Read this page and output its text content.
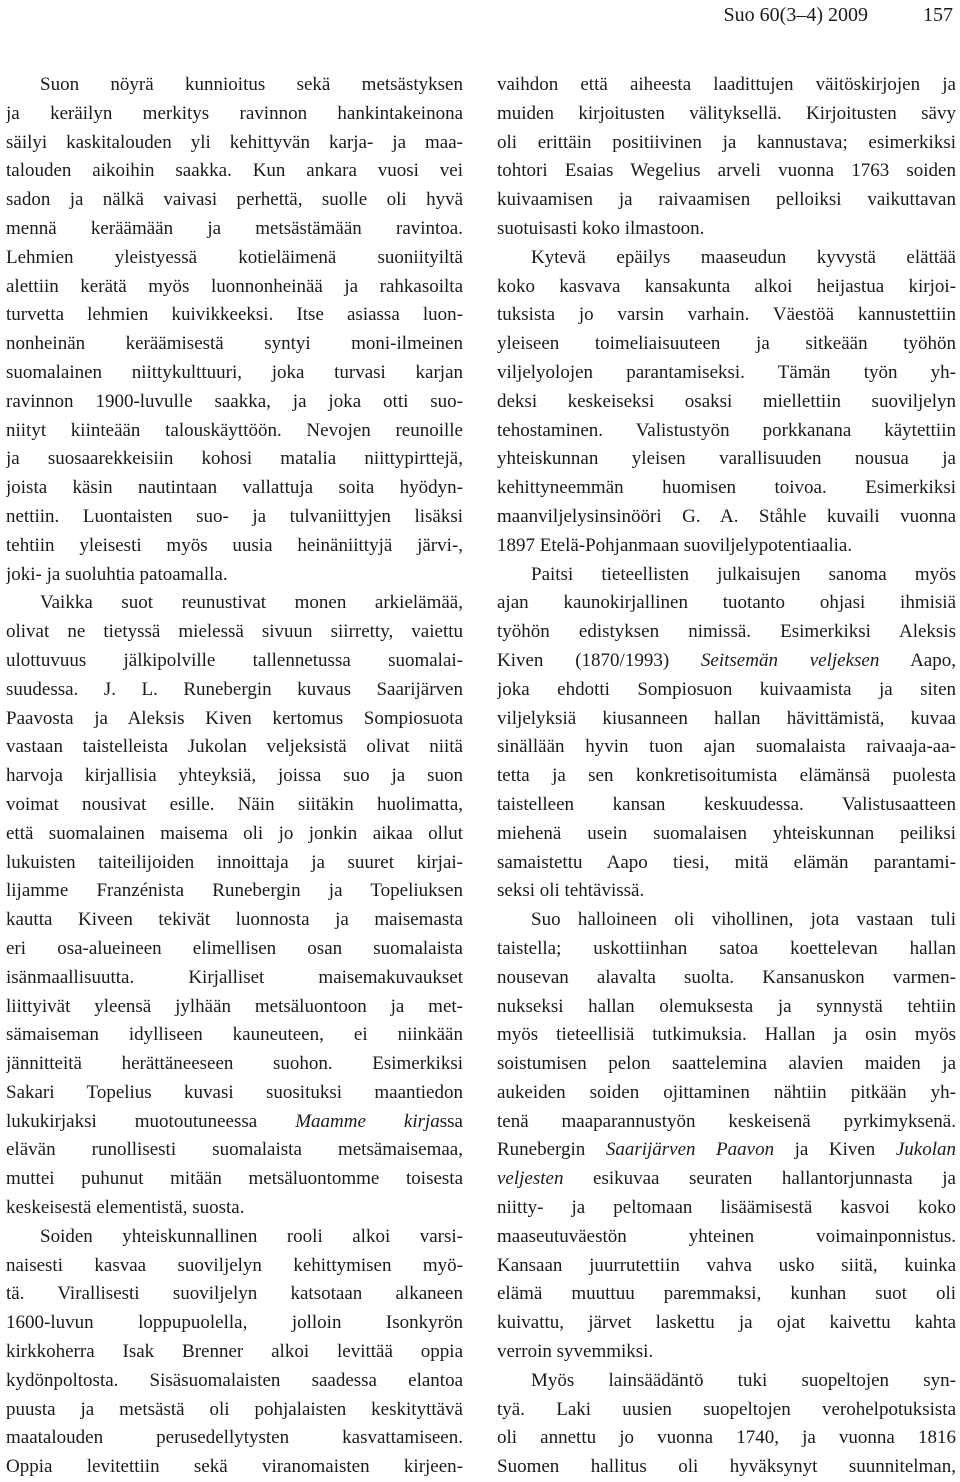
Suo 60(3–4) 2009	157
Suon nöyrä kunnioitus sekä metsästyksen
ja keräilyn merkitys ravinnon hankintakeinona
säilyi kaskitalouden yli kehittyvän karja- ja maa-
talouden aikoihin saakka. Kun ankara vuosi vei
sadon ja nälkä vaivasi perhettä, suolle oli hyvä
mennä keräämään ja metsästämään ravintoa.
Lehmien yleistyessä kotieläimenä suoniityiltä
alettiin kerätä myös luonnonheinää ja rahkasoilta
turvetta lehmien kuivikkeeksi. Itse asiassa luon-
nonheinän keräämisestä syntyi moni-ilmeinen
suomalainen niittykulttuuri, joka turvasi karjan
ravinnon 1900-luvulle saakka, ja joka otti suo-
niityt kiinteään talouskäyttöön. Nevojen reunoille
ja suosaarekkeisiin kohosi matalia niittypirttejä,
joista käsin nautintaan vallattuja soita hyödyn-
nettiin. Luontaisten suo- ja tulvaniittyjen lisäksi
tehtiin yleisesti myös uusia heinäniittyjä järvi-,
joki- ja suoluhtia patoamalla.
Vaikka suot reunustivat monen arkielämää,
olivat ne tietyssä mielessä sivuun siirretty, vaiettu
ulottuvuus jälkipolville tallennetussa suomalai-
suudessa. J. L. Runebergin kuvaus Saarijärven
Paavosta ja Aleksis Kiven kertomus Sompiosuota
vastaan taistelleista Jukolan veljeksistä olivat niitä
harvoja kirjallisia yhteyksiä, joissa suo ja suon
voimat nousivat esille. Näin siitäkin huolimatta,
että suomalainen maisema oli jo jonkin aikaa ollut
lukuisten taiteilijoiden innoittaja ja suuret kirjai-
lijamme Franzénista Runebergin ja Topeliuksen
kautta Kiveen tekivät luonnosta ja maisemasta
eri osa-alueineen elimellisen osan suomalaista
isänmaallisuutta. Kirjalliset maisemakuvaukset
liittyivät yleensä jylhään metsäluontoon ja met-
sämaiseman idylliseen kauneuteen, ei niinkään
jännitteitä herättäneeseen suohon. Esimerkiksi
Sakari Topelius kuvasi suosituksi maantiedon
lukukirjaksi muotoutuneessa Maamme kirjassa
elävän runollisesti suomalaista metsämaisemaa,
muttei puhunut mitään metsäluontomme toisesta
keskeisestä elementistä, suosta.
Soiden yhteiskunnallinen rooli alkoi varsi-
naisesti kasvaa suoviljelyn kehittymisen myö-
tä. Virallisesti suoviljelyn katsotaan alkaneen
1600-luvun loppupuolella, jolloin Isonkyrön
kirkkoherra Isak Brenner alkoi levittää oppia
kydönpoltosta. Sisäsuomalaisten saadessa elantoa
puusta ja metsästä oli pohjalaisten keskityttävä
maatalouden perusedellytysten kasvattamiseen.
Oppia levitettiin sekä viranomaisten kirjeen-
vaihdon että aiheesta laadittujen väitöskirjojen ja
muiden kirjoitusten välityksellä. Kirjoitusten sävy
oli erittäin positiivinen ja kannustava; esimerkiksi
tohtori Esaias Wegelius arveli vuonna 1763 soiden
kuivaamisen ja raivaamisen pelloiksi vaikuttavan
suotuisasti koko ilmastoon.
Kytevä epäilys maaseudun kyvystä elättää
koko kasvava kansakunta alkoi heijastua kirjoi-
tuksista jo varsin varhain. Väestöä kannustettiin
yleiseen toimeliaisuuteen ja sitkeään työhön
viljelyolojen parantamiseksi. Tämän työn yh-
deksi keskeiseksi osaksi miellettiin suoviljelyn
tehostaminen. Valistustyön porkkanana käytettiin
yhteiskunnan yleisen varallisuuden nousua ja
kehittyneemmän huomisen toivoa. Esimerkiksi
maanviljelysinsinööri G. A. Ståhle kuvaili vuonna
1897 Etelä-Pohjanmaan suoviljelypotentiaalia.
Paitsi tieteellisten julkaisujen sanoma myös
ajan kaunokirjallinen tuotanto ohjasi ihmisiä
työhön edistyksen nimissä. Esimerkiksi Aleksis
Kiven (1870/1993) Seitsemän veljeksen Aapo,
joka ehdotti Sompiosuon kuivaamista ja siten
viljelyksiä kiusanneen hallan hävittämistä, kuvaa
sinällään hyvin tuon ajan suomalaista raivaaja-aa-
tetta ja sen konkretisoitumista elämänsä puolesta
taistelleen kansan keskuudessa. Valistusaatteen
miehenä usein suomalaisen yhteiskunnan peiliksi
samaistettu Aapo tiesi, mitä elämän parantami-
seksi oli tehtävissä.
Suo halloineen oli vihollinen, jota vastaan tuli
taistella; uskottiinhan satoa koettelevan hallan
nousevan alavalta suolta. Kansanuskon varmen-
nukseksi hallan olemuksesta ja synnystä tehtiin
myös tieteellisiä tutkimuksia. Hallan ja osin myös
soistumisen pelon saattelemina alavien maiden ja
aukeiden soiden ojittaminen nähtiin pitkään yh-
tenä maaparannustyön keskeisenä pyrkimyksenä.
Runebergin Saarijärven Paavon ja Kiven Jukolan
veljesten esikuvaa seuraten hallantorjunnasta ja
niitty- ja peltomaan lisäämisestä kasvoi koko
maaseutuväestön yhteinen voimainponnistus.
Kansaan juurrutettiin vahva usko siitä, kuinka
elämä muuttuu paremmaksi, kunhan suot oli
kuivattu, järvet laskettu ja ojat kaivettu kahta
verroin syvemmiksi.
Myös lainsäädäntö tuki suopeltojen syn-
tyä. Laki uusien suopeltojen verohelpotuksista
oli annettu jo vuonna 1740, ja vuonna 1816
Suomen hallitus oli hyväksynyt suunnitelman,
